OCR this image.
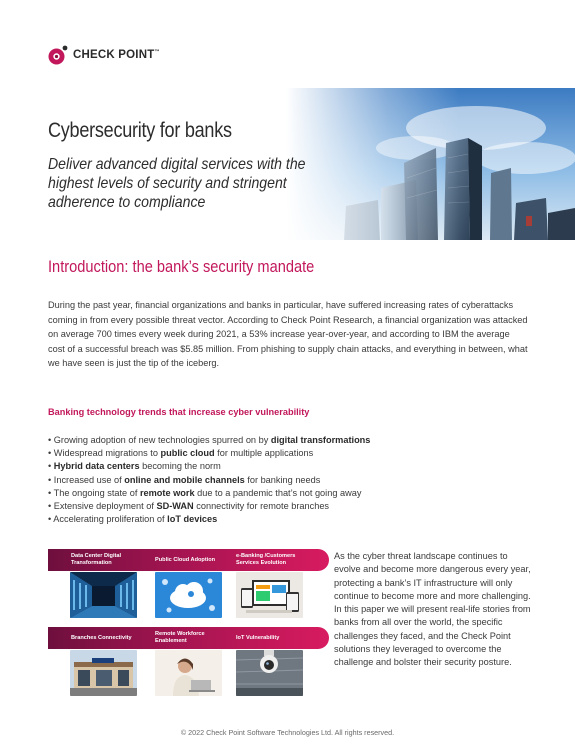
CHECK POINT™
Cybersecurity for banks
Deliver advanced digital services with the highest levels of security and stringent adherence to compliance
Introduction: the bank’s security mandate

During the past year, financial organizations and banks in particular, have suffered increasing rates of cyberattacks coming in from every possible threat vector. According to Check Point Research, a financial organization was attacked on average 700 times every week during 2021, a 53% increase year-over-year, and according to IBM the average cost of a successful breach was $5.85 million. From phishing to supply chain attacks, and everything in between, what we have seen is just the tip of the iceberg.

Banking technology trends that increase cyber vulnerability
• Growing adoption of new technologies spurred on by digital transformations
• Widespread migrations to public cloud for multiple applications
• Hybrid data centers becoming the norm
• Increased use of online and mobile channels for banking needs
• The ongoing state of remote work due to a pandemic that’s not going away
• Extensive deployment of SD-WAN connectivity for remote branches
• Accelerating proliferation of IoT devices
Data Center Digital
Transformation	Public Cloud Adoption
e-Banking /Customers
Services Evolution
Branches Connectivity
Remote Workforce
Enablement	IoT Vulnerability
As the cyber threat landscape continues to evolve and become more dangerous every year, protecting a bank’s IT infrastructure will only continue to become more and more challenging. In this paper we will present real-life stories from banks from all over the world, the specific challenges they faced, and the Check Point solutions they leveraged to overcome the challenge and bolster their security posture.
© 2022 Check Point Software Technologies Ltd. All rights reserved.
